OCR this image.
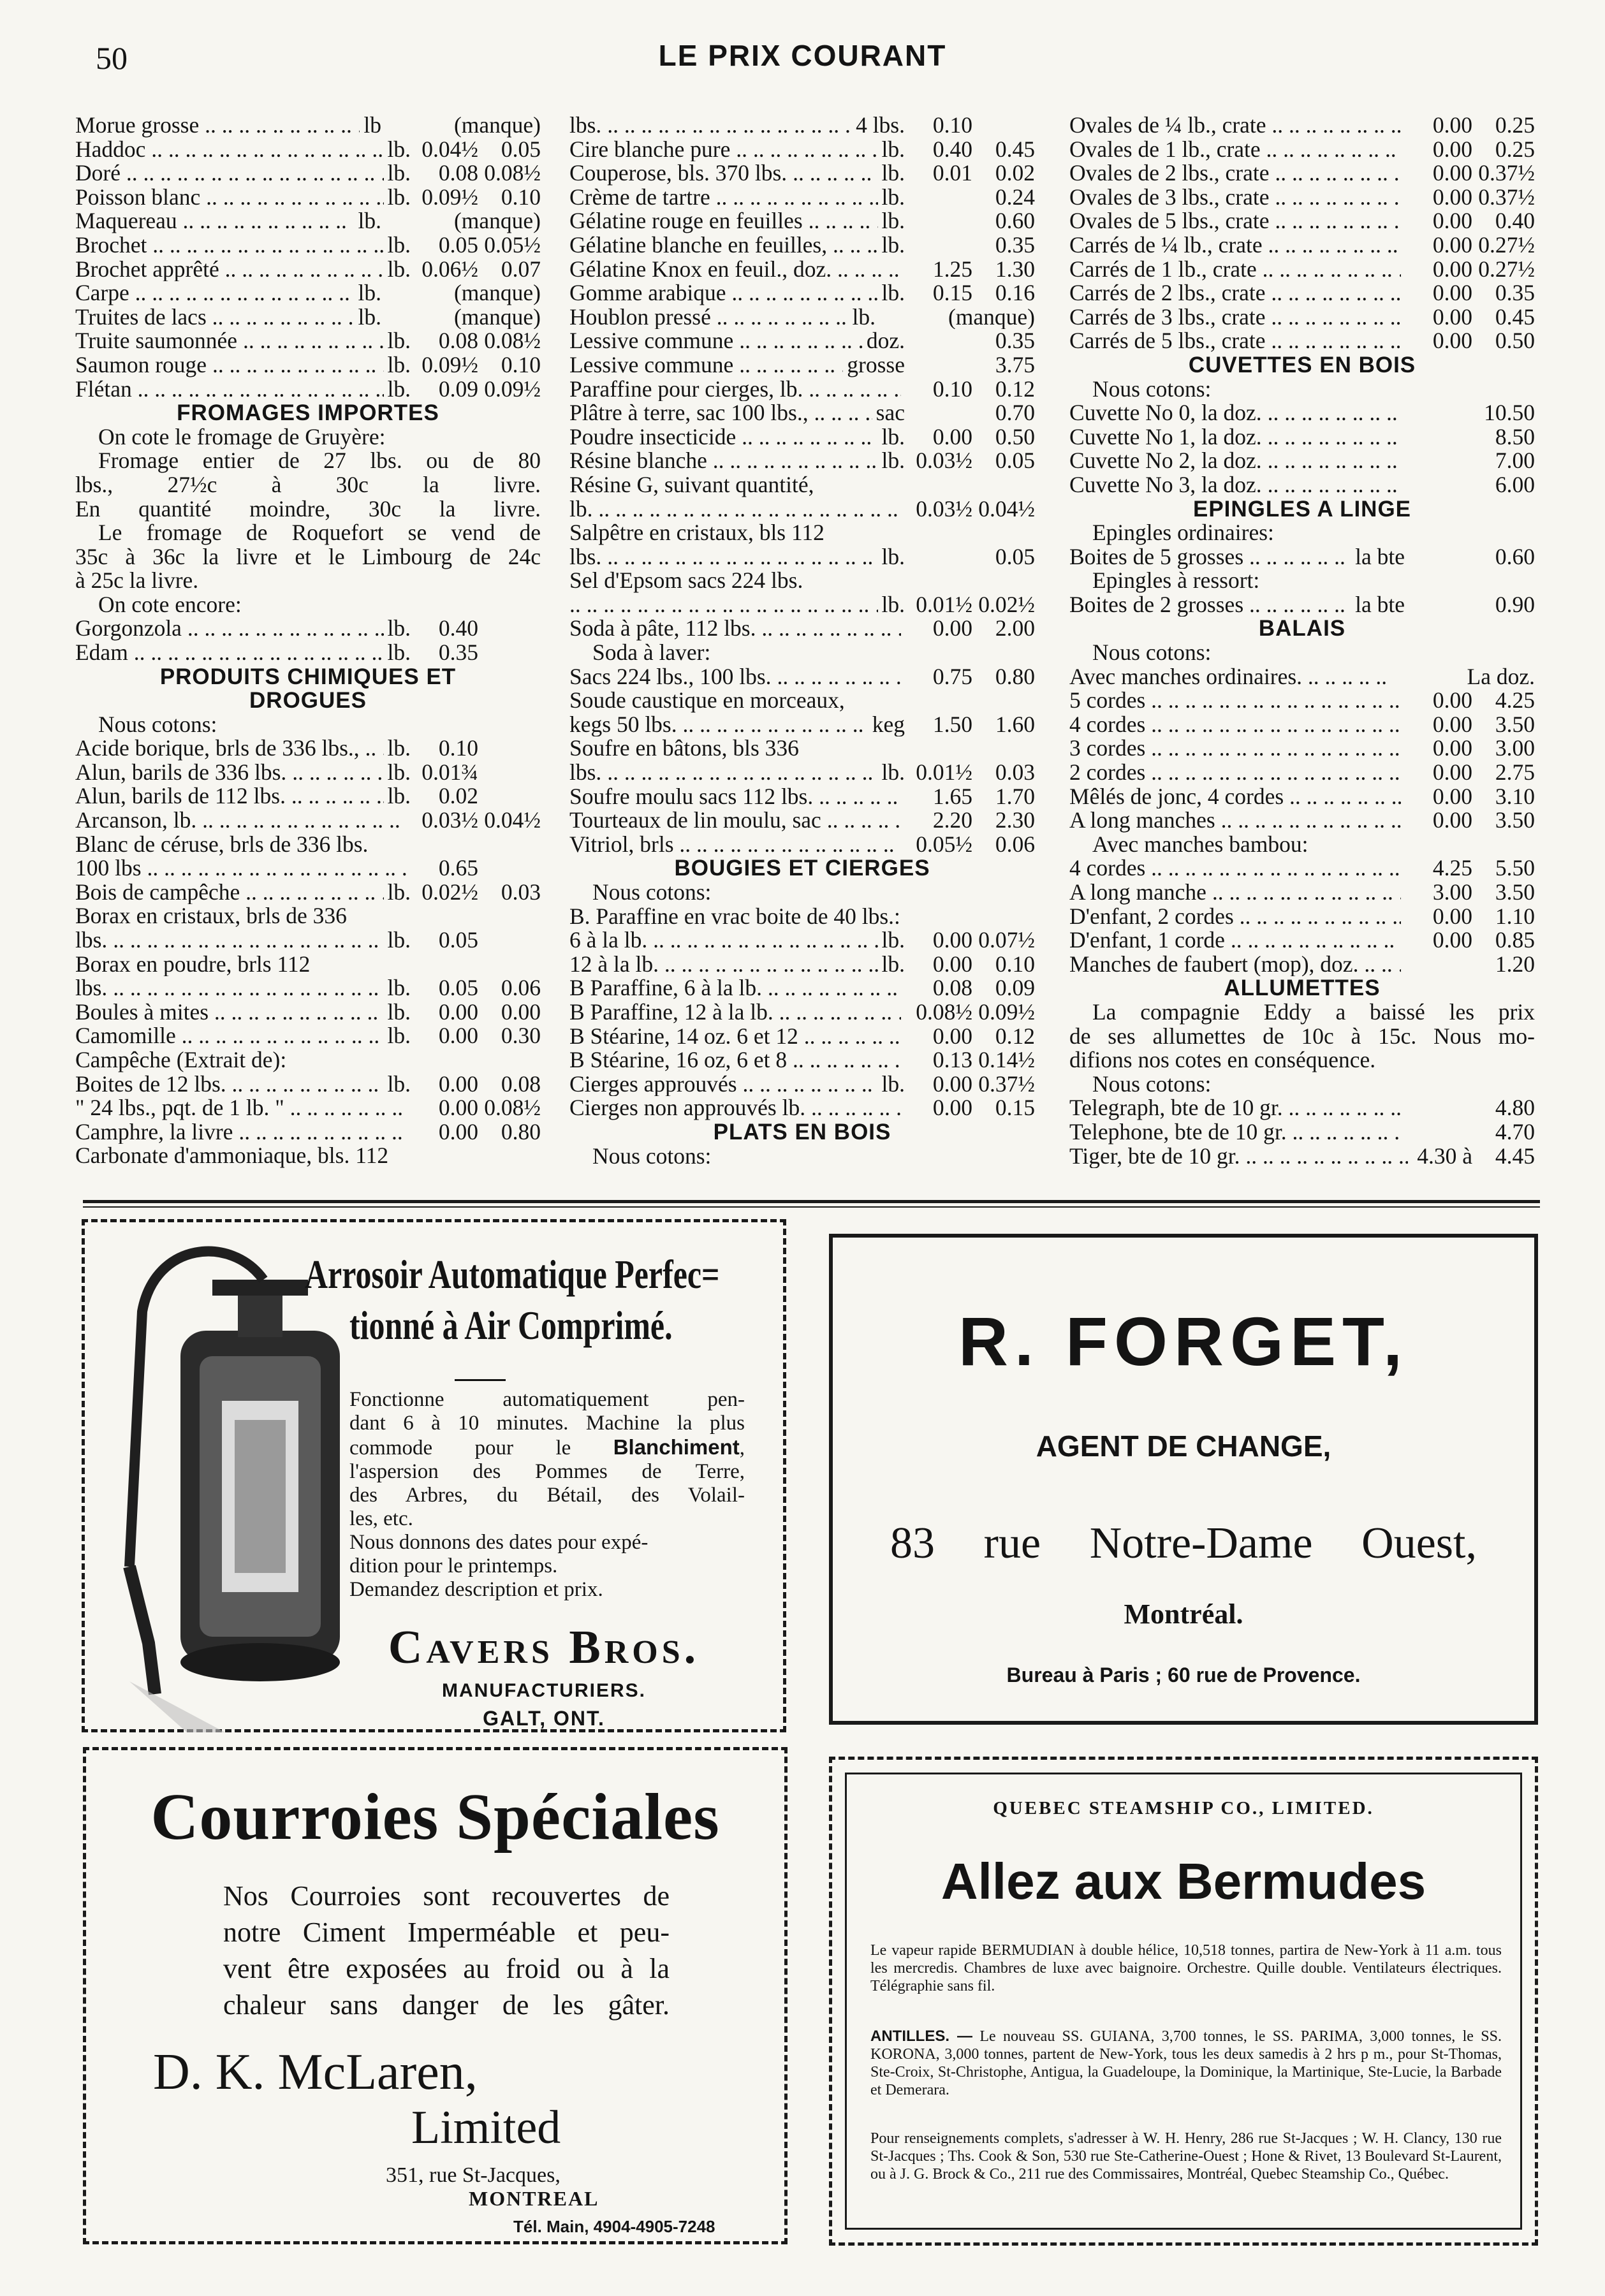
50	LE PRIX COURANT
Morue grosse .. ..	lb	(manque)
Haddoc .. ..	lb. 0.04½	0.05
Doré .. ..	lb.	0.08 0.08½
Poisson blanc .. ..	lb. 0.09½	0.10
Maquereau .. ..	lb.	(manque)
Brochet .. ..	lb.	0.05 0.05½
Brochet apprêté .. ..	lb. 0.06½	0.07
Carpe .. ..	lb.	(manque)
Truites de lacs .. ..	lb.	(manque)
Truite saumonnée .. ..	lb.	0.08 0.08½
Saumon rouge .. ..	lb. 0.09½	0.10
Flétan .. ..	lb.	0.09 0.09½
FROMAGES IMPORTES
On cote le fromage de Gruyère:
Fromage entier de 27 lbs. ou de 80
lbs., 27½c à 30c la livre.
En quantité moindre, 30c la livre.
Le fromage de Roquefort se vend de
35c à 36c la livre et le Limbourg de 24c
à 25c la livre.
On cote encore:
Gorgonzola .. ..	lb.	0.40
Edam .. ..	lb.	0.35
PRODUITS CHIMIQUES ET DROGUES
Nous cotons:
Acide borique, brls de 336 lbs., .. ..	lb.	0.10
Alun, barils de 336 lbs. .. ..	lb. 0.01¾
Alun, barils de 112 lbs. .. ..	lb.	0.02
Arcanson, lb. .. ..	0.03½ 0.04½
Blanc de céruse, brls de 336 lbs.
100 lbs .. ..	0.65
Bois de campêche .. ..	lb. 0.02½	0.03
Borax en cristaux, brls de 336
lbs. .. ..	lb.	0.05
Borax en poudre, brls 112
lbs. .. ..	lb.	0.05	0.06
Boules à mites .. ..	lb.	0.00	0.00
Camomille .. ..	lb.	0.00	0.30
Campêche (Extrait de):
Boites de 12 lbs. .. ..	lb.	0.00	0.08
" 24 lbs., pqt. de 1 lb. " .. ..	0.00 0.08½
Camphre, la livre .. ..	0.00	0.80
Carbonate d'ammoniaque, bls. 112
lbs. .. ..	4 lbs.	0.10
Cire blanche pure .. ..	lb.	0.40	0.45
Couperose, bls. 370 lbs. .. ..	lb.	0.01	0.02
Crème de tartre .. ..	lb.	0.24
Gélatine rouge en feuilles .. ..	lb.	0.60
Gélatine blanche en feuilles, .. ..	lb.	0.35
Gélatine Knox en feuil., doz. .. ..	1.25	1.30
Gomme arabique .. ..	lb.	0.15	0.16
Houblon pressé .. ..	lb.	(manque)
Lessive commune .. ..	doz.	0.35
Lessive commune .. ..	grosse	3.75
Paraffine pour cierges, lb. .. ..	0.10	0.12
Plâtre à terre, sac 100 lbs., .. ..	sac	0.70
Poudre insecticide .. ..	lb.	0.00	0.50
Résine blanche .. ..	lb. 0.03½	0.05
Résine G, suivant quantité,
lb. .. ..	0.03½ 0.04½
Salpêtre en cristaux, bls 112
lbs. .. ..	lb.	0.05
Sel d'Epsom sacs 224 lbs.
.. ..
lb. 0.01½ 0.02½
Soda à pâte, 112 lbs. .. ..	0.00	2.00
Soda à laver:
Sacs 224 lbs., 100 lbs. .. ..	0.75	0.80
Soude caustique en morceaux,
kegs 50 lbs. .. ..	keg	1.50	1.60
Soufre en bâtons, bls 336
lbs. .. ..	lb. 0.01½	0.03
Soufre moulu sacs 112 lbs. .. ..	1.65	1.70
Tourteaux de lin moulu, sac .. ..	2.20	2.30
Vitriol, brls .. ..	0.05½	0.06
BOUGIES ET CIERGES
Nous cotons:
B. Paraffine en vrac boite de 40 lbs.:
6 à la lb. .. ..	lb.	0.00 0.07½
12 à la lb. .. ..	lb.	0.00	0.10
B Paraffine, 6 à la lb. .. ..	0.08	0.09
B Paraffine, 12 à la lb. .. ..	0.08½ 0.09½
B Stéarine, 14 oz. 6 et 12 .. ..	0.00	0.12
B Stéarine, 16 oz, 6 et 8 .. ..	0.13 0.14½
Cierges approuvés .. ..	lb.	0.00 0.37½
Cierges non approuvés lb. .. ..	0.00	0.15
PLATS EN BOIS
Nous cotons:
Ovales de ¼ lb., crate .. ..	0.00	0.25
Ovales de 1 lb., crate .. ..	0.00	0.25
Ovales de 2 lbs., crate .. ..	0.00 0.37½
Ovales de 3 lbs., crate .. ..	0.00 0.37½
Ovales de 5 lbs., crate .. ..	0.00	0.40
Carrés de ¼ lb., crate .. ..	0.00 0.27½
Carrés de 1 lb., crate .. ..	0.00 0.27½
Carrés de 2 lbs., crate .. ..	0.00	0.35
Carrés de 3 lbs., crate .. ..	0.00	0.45
Carrés de 5 lbs., crate .. ..	0.00	0.50
CUVETTES EN BOIS
Nous cotons:
Cuvette No 0, la doz. .. ..	10.50
Cuvette No 1, la doz. .. ..	8.50
Cuvette No 2, la doz. .. ..	7.00
Cuvette No 3, la doz. .. ..	6.00
EPINGLES A LINGE
Epingles ordinaires:
Boites de 5 grosses .. ..	la bte	0.60
Epingles à ressort:
Boites de 2 grosses .. ..	la bte	0.90
BALAIS
Nous cotons:
Avec manches ordinaires. .. ..	La doz.
5 cordes .. ..	0.00	4.25
4 cordes .. ..	0.00	3.50
3 cordes .. ..	0.00	3.00
2 cordes .. ..	0.00	2.75
Mêlés de jonc, 4 cordes .. ..	0.00	3.10
A long manches .. ..	0.00	3.50
Avec manches bambou:
4 cordes .. ..	4.25	5.50
A long manche .. ..	3.00	3.50
D'enfant, 2 cordes .. ..	0.00	1.10
D'enfant, 1 corde .. ..	0.00	0.85
Manches de faubert (mop), doz. .. ..	1.20
ALLUMETTES
La compagnie Eddy a baissé les prix
de ses allumettes de 10c à 15c. Nous mo-
difions nos cotes en conséquence.
Nous cotons:
Telegraph, bte de 10 gr. .. ..	4.80
Telephone, bte de 10 gr. .. ..	4.70
Tiger, bte de 10 gr. .. ..	4.30 à	4.45
Arrosoir Automatique Perfec=
tionné à Air Comprimé.
Fonctionne automatiquement pen-
dant 6 à 10 minutes. Machine la plus
commode pour le Blanchiment,
l'aspersion des Pommes de Terre,
des Arbres, du Bétail, des Volail-
les, etc.
Nous donnons des dates pour expé-
dition pour le printemps.
Demandez description et prix.
Cavers Bros.
MANUFACTURIERS.
GALT, ONT.
R. FORGET,
AGENT DE CHANGE,
83 rue Notre-Dame Ouest,
Montréal.
Bureau à Paris ; 60 rue de Provence.
Courroies Spéciales
Nos Courroies sont recouvertes de
notre Ciment Imperméable et peu-
vent être exposées au froid ou à la
chaleur sans danger de les gâter.
D. K. McLaren,
Limited
351, rue St-Jacques,
MONTREAL
Tél. Main, 4904-4905-7248
QUEBEC STEAMSHIP CO., LIMITED.
Allez aux Bermudes
Le vapeur rapide BERMUDIAN à double hélice, 10,518 tonnes, partira de New-York à 11 a.m. tous les mercredis. Chambres de luxe avec baignoire. Orchestre. Quille double. Ventilateurs électriques. Télégraphie sans fil.
ANTILLES. — Le nouveau SS. GUIANA, 3,700 tonnes, le SS. PARIMA, 3,000 tonnes, le SS. KORONA, 3,000 tonnes, partent de New-York, tous les deux samedis à 2 hrs p m., pour St-Thomas, Ste-Croix, St-Christophe, Antigua, la Guadeloupe, la Dominique, la Martinique, Ste-Lucie, la Barbade et Demerara.
Pour renseignements complets, s'adresser à W. H. Henry, 286 rue St-Jacques ; W. H. Clancy, 130 rue St-Jacques ; Ths. Cook & Son, 530 rue Ste-Catherine-Ouest ; Hone & Rivet, 13 Boulevard St-Laurent, ou à J. G. Brock & Co., 211 rue des Commissaires, Montréal, Quebec Steamship Co., Québec.
